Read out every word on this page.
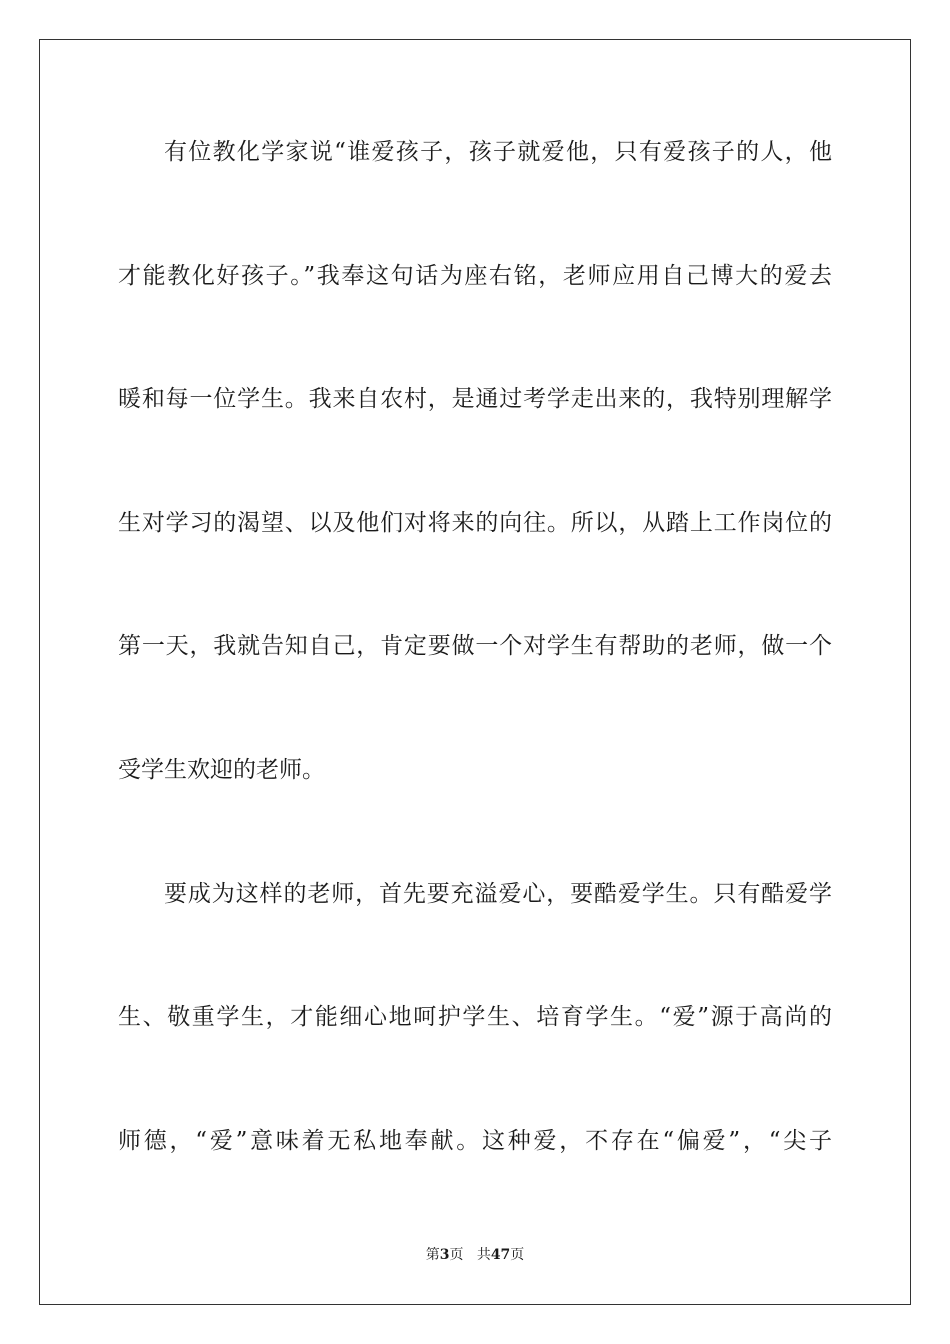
有位教化学家说“谁爱孩子，孩子就爱他，只有爱孩子的人，他
才能教化好孩子。”我奉这句话为座右铭，老师应用自己博大的爱去
暖和每一位学生。我来自农村，是通过考学走出来的，我特别理解学
生对学习的渴望、以及他们对将来的向往。所以，从踏上工作岗位的
第一天，我就告知自己，肯定要做一个对学生有帮助的老师，做一个
受学生欢迎的老师。
要成为这样的老师，首先要充溢爱心，要酷爱学生。只有酷爱学
生、敬重学生，才能细心地呵护学生、培育学生。“爱”源于高尚的
师德，“爱”意味着无私地奉献。这种爱，不存在“偏爱”，“尖子
第3页 共47页
